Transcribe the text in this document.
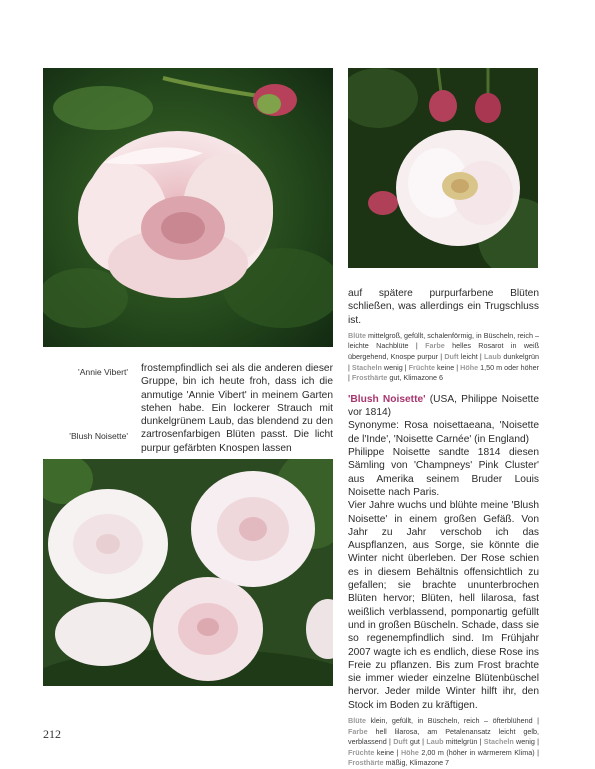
'Annie Vibert'
'Blush Noisette'
frostempfindlich sei als die anderen dieser Gruppe, bin ich heute froh, dass ich die anmutige 'Annie Vibert' in meinem Garten stehen habe. Ein lockerer Strauch mit dunkelgrünem Laub, das blendend zu den zartrosenfarbigen Blüten passt. Die licht purpur gefärbten Knospen lassen

auf spätere purpurfarbene Blüten schließen, was allerdings ein Trugschluss ist.

Blüte mittelgroß, gefüllt, schalenförmig, in Büscheln, reich – leichte Nachblüte | Farbe helles Rosarot in weiß übergehend, Knospe purpur | Duft leicht | Laub dunkelgrün | Stacheln wenig | Früchte keine | Höhe 1,50 m oder höher | Frosthärte gut, Klimazone 6

'Blush Noisette' (USA, Philippe Noisette vor 1814)

Synonyme: Rosa noisettaeana, 'Noisette de l'Inde', 'Noisette Carnée' (in England)

Philippe Noisette sandte 1814 diesen Sämling von 'Champneys' Pink Cluster' aus Amerika seinem Bruder Louis Noisette nach Paris.

Vier Jahre wuchs und blühte meine 'Blush Noisette' in einem großen Gefäß. Von Jahr zu Jahr verschob ich das Auspflanzen, aus Sorge, sie könnte die Winter nicht überleben. Der Rose schien es in diesem Behältnis offensichtlich zu gefallen; sie brachte ununterbrochen Blüten hervor; Blüten, hell lilarosa, fast weißlich verblassend, pomponartig gefüllt und in großen Büscheln. Schade, dass sie so regenempfindlich sind. Im Frühjahr 2007 wagte ich es endlich, diese Rose ins Freie zu pflanzen. Bis zum Frost brachte sie immer wieder einzelne Blütenbüschel hervor. Jeder milde Winter hilft ihr, den Stock im Boden zu kräftigen.

Blüte klein, gefüllt, in Büscheln, reich – öfterblühend | Farbe hell lilarosa, am Petalenansatz leicht gelb, verblassend | Duft gut | Laub mittelgrün | Stacheln wenig | Früchte keine | Höhe 2,00 m (höher in wärmerem Klima) | Frosthärte mäßig, Klimazone 7

212
